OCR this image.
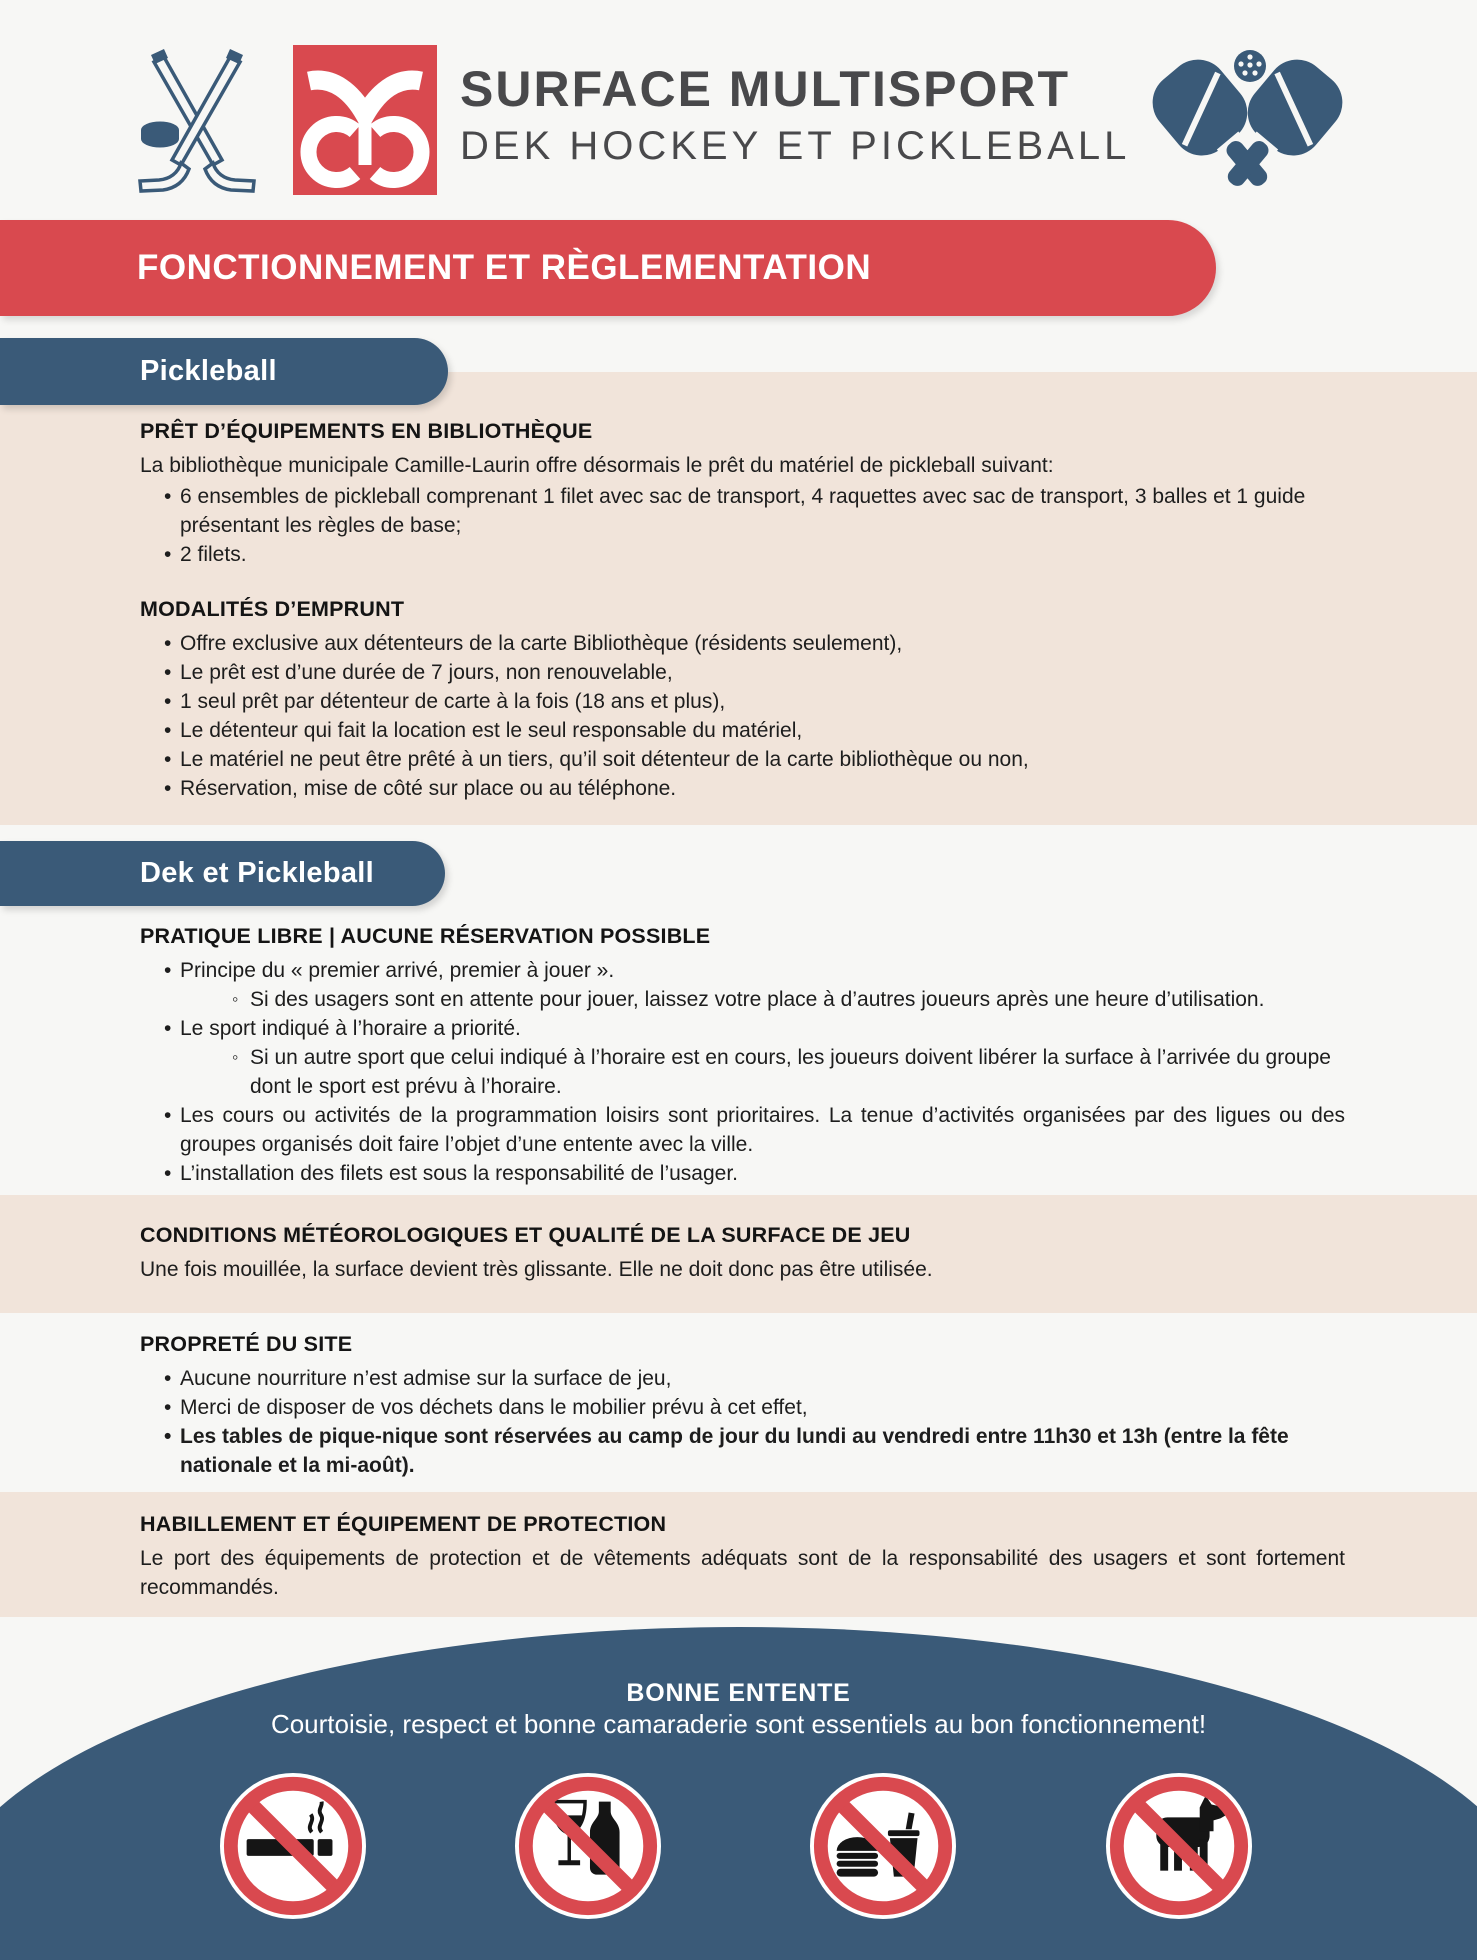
SURFACE MULTISPORT
DEK HOCKEY ET PICKLEBALL
FONCTIONNEMENT ET RÈGLEMENTATION
Pickleball
PRÊT D’ÉQUIPEMENTS EN BIBLIOTHÈQUE

La bibliothèque municipale Camille-Laurin offre désormais le prêt du matériel de pickleball suivant:

• 6 ensembles de pickleball comprenant 1 filet avec sac de transport, 4 raquettes avec sac de transport, 3 balles et 1 guide présentant les règles de base;
• 2 filets.
MODALITÉS D’EMPRUNT
• Offre exclusive aux détenteurs de la carte Bibliothèque (résidents seulement),
• Le prêt est d’une durée de 7 jours, non renouvelable,
• 1 seul prêt par détenteur de carte à la fois (18 ans et plus),
• Le détenteur qui fait la location est le seul responsable du matériel,
• Le matériel ne peut être prêté à un tiers, qu’il soit détenteur de la carte bibliothèque ou non,
• Réservation, mise de côté sur place ou au téléphone.
Dek et Pickleball
PRATIQUE LIBRE | AUCUNE RÉSERVATION POSSIBLE
• Principe du « premier arrivé, premier à jouer ».
◦ Si des usagers sont en attente pour jouer, laissez votre place à d’autres joueurs après une heure d’utilisation.
• Le sport indiqué à l’horaire a priorité.
◦ Si un autre sport que celui indiqué à l’horaire est en cours, les joueurs doivent libérer la surface à l’arrivée du groupe dont le sport est prévu à l’horaire.
• Les cours ou activités de la programmation loisirs sont prioritaires. La tenue d’activités organisées par des ligues ou des groupes organisés doit faire l’objet d’une entente avec la ville.
• L’installation des filets est sous la responsabilité de l’usager.
CONDITIONS MÉTÉOROLOGIQUES ET QUALITÉ DE LA SURFACE DE JEU

Une fois mouillée, la surface devient très glissante. Elle ne doit donc pas être utilisée.

PROPRETÉ DU SITE
• Aucune nourriture n’est admise sur la surface de jeu,
• Merci de disposer de vos déchets dans le mobilier prévu à cet effet,
• Les tables de pique-nique sont réservées au camp de jour du lundi au vendredi entre 11h30 et 13h (entre la fête nationale et la mi-août).
HABILLEMENT ET ÉQUIPEMENT DE PROTECTION

Le port des équipements de protection et de vêtements adéquats sont de la responsabilité des usagers et sont fortement recommandés.

BONNE ENTENTE
Courtoisie, respect et bonne camaraderie sont essentiels au bon fonctionnement!
